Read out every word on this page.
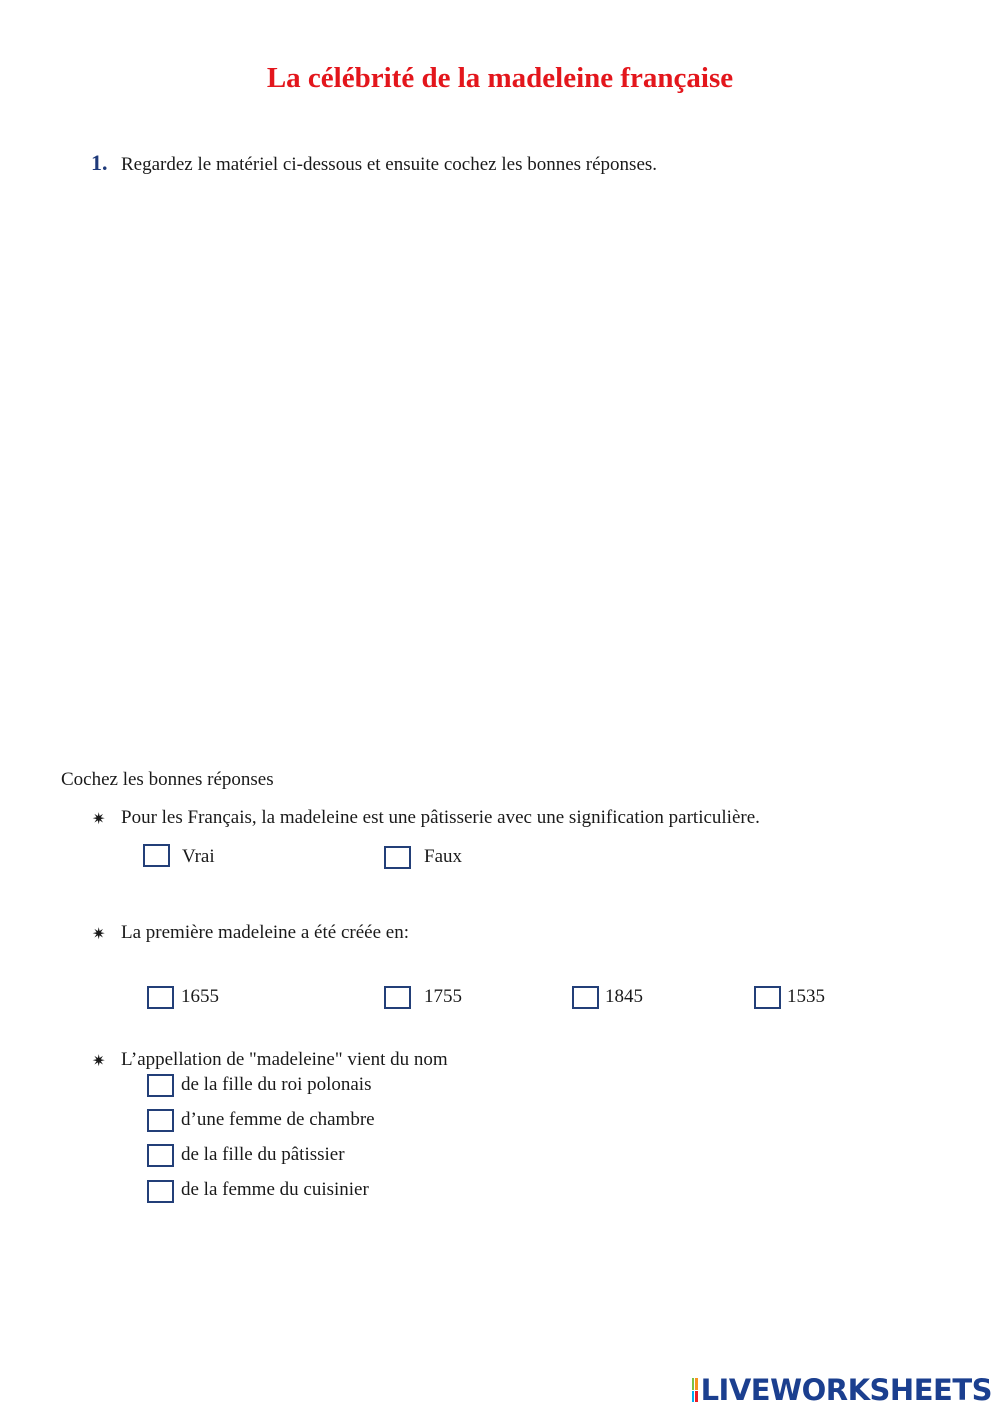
La célébrité de la madeleine française
1. Regardez le matériel ci-dessous et ensuite cochez les bonnes réponses.
Cochez les bonnes réponses
✷ Pour les Français, la madeleine est une pâtisserie avec une signification particulière.
Vrai	Faux
✷ La première madeleine a été créée en:
1655	1755	1845	1535
✷ L’appellation de "madeleine" vient du nom
de la fille du roi polonais
d’une femme de chambre
de la fille du pâtissier
de la femme du cuisinier
LIVEWORKSHEETS
